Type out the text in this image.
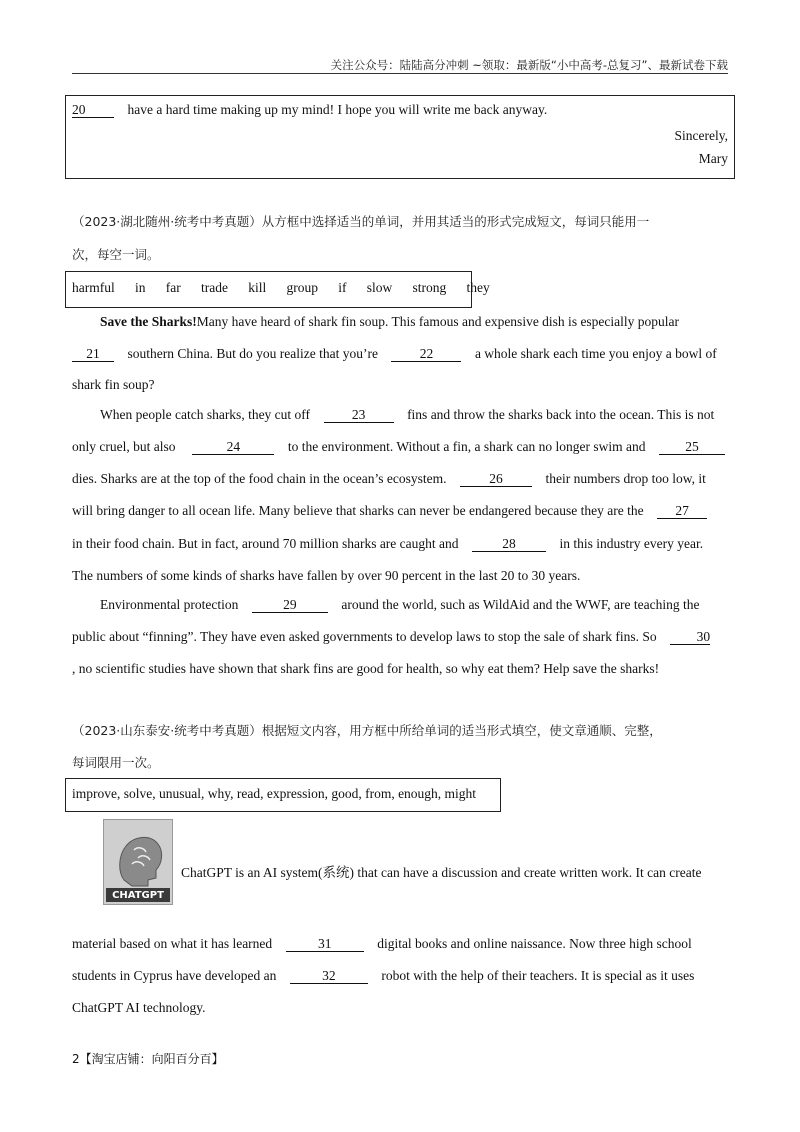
关注公众号：陆陆高分冲刺 ~领取：最新版“小中高考-总复习”、最新试卷下载
20	have a hard time making up my mind! I hope you will write me back anyway.
Sincerely,
Mary
（2023·湖北随州·统考中考真题）从方框中选择适当的单词，并用其适当的形式完成短文，每词只能用一
次，每空一词。
harmful in far trade kill group if slow strong they
Save the Sharks!Many have heard of shark fin soup. This famous and expensive dish is especially popular
21 southern China. But do you realize that you’re	22	a whole shark each time you enjoy a bowl of
shark fin soup?
When people catch sharks, they cut off	23	fins and throw the sharks back into the ocean. This is not
only cruel, but also	24	to the environment. Without a fin, a shark can no longer swim and	25
dies. Sharks are at the top of the food chain in the ocean’s ecosystem.	26	their numbers drop too low, it
will bring danger to all ocean life. Many believe that sharks can never be endangered because they are the 27
in their food chain. But in fact, around 70 million sharks are caught and	28	in this industry every year.
The numbers of some kinds of sharks have fallen by over 90 percent in the last 20 to 30 years.
Environmental protection	29	around the world, such as WildAid and the WWF, are teaching the
public about “finning”. They have even asked governments to develop laws to stop the sale of shark fins. So	30
, no scientific studies have shown that shark fins are good for health, so why eat them? Help save the sharks!
（2023·山东泰安·统考中考真题）根据短文内容，用方框中所给单词的适当形式填空，使文章通顺、完整，
每词限用一次。
improve, solve, unusual, why, read, expression, good, from, enough, might
CHATGPT
ChatGPT is an AI system(系统) that can have a discussion and create written work. It can create
material based on what it has learned	31	digital books and online naissance. Now three high school
students in Cyprus have developed an	32	robot with the help of their teachers. It is special as it uses
ChatGPT AI technology.
2【淘宝店铺：向阳百分百】
